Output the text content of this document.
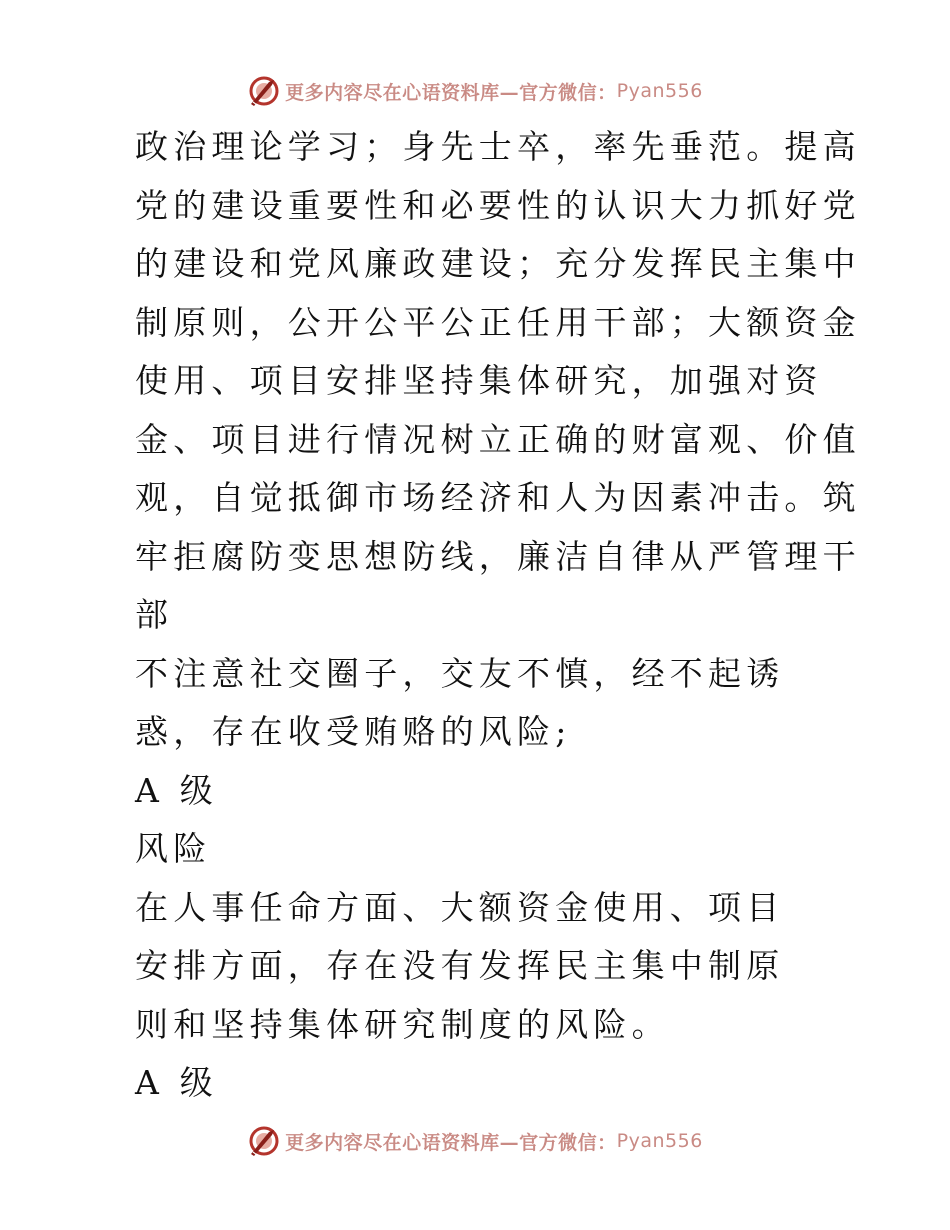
更多内容尽在心语资料库—官方微信： Pyan556
政治理论学习；身先士卒，率先垂范。提高
党的建设重要性和必要性的认识大力抓好党
的建设和党风廉政建设；充分发挥民主集中
制原则，公开公平公正任用干部；大额资金
使用、项目安排坚持集体研究，加强对资
金、项目进行情况树立正确的财富观、价值
观，自觉抵御市场经济和人为因素冲击。筑
牢拒腐防变思想防线，廉洁自律从严管理干
部
不注意社交圈子，交友不慎，经不起诱
惑，存在收受贿赂的风险;
A 级
风险
在人事任命方面、大额资金使用、项目
安排方面，存在没有发挥民主集中制原
则和坚持集体研究制度的风险。
A 级
更多内容尽在心语资料库—官方微信： Pyan556
